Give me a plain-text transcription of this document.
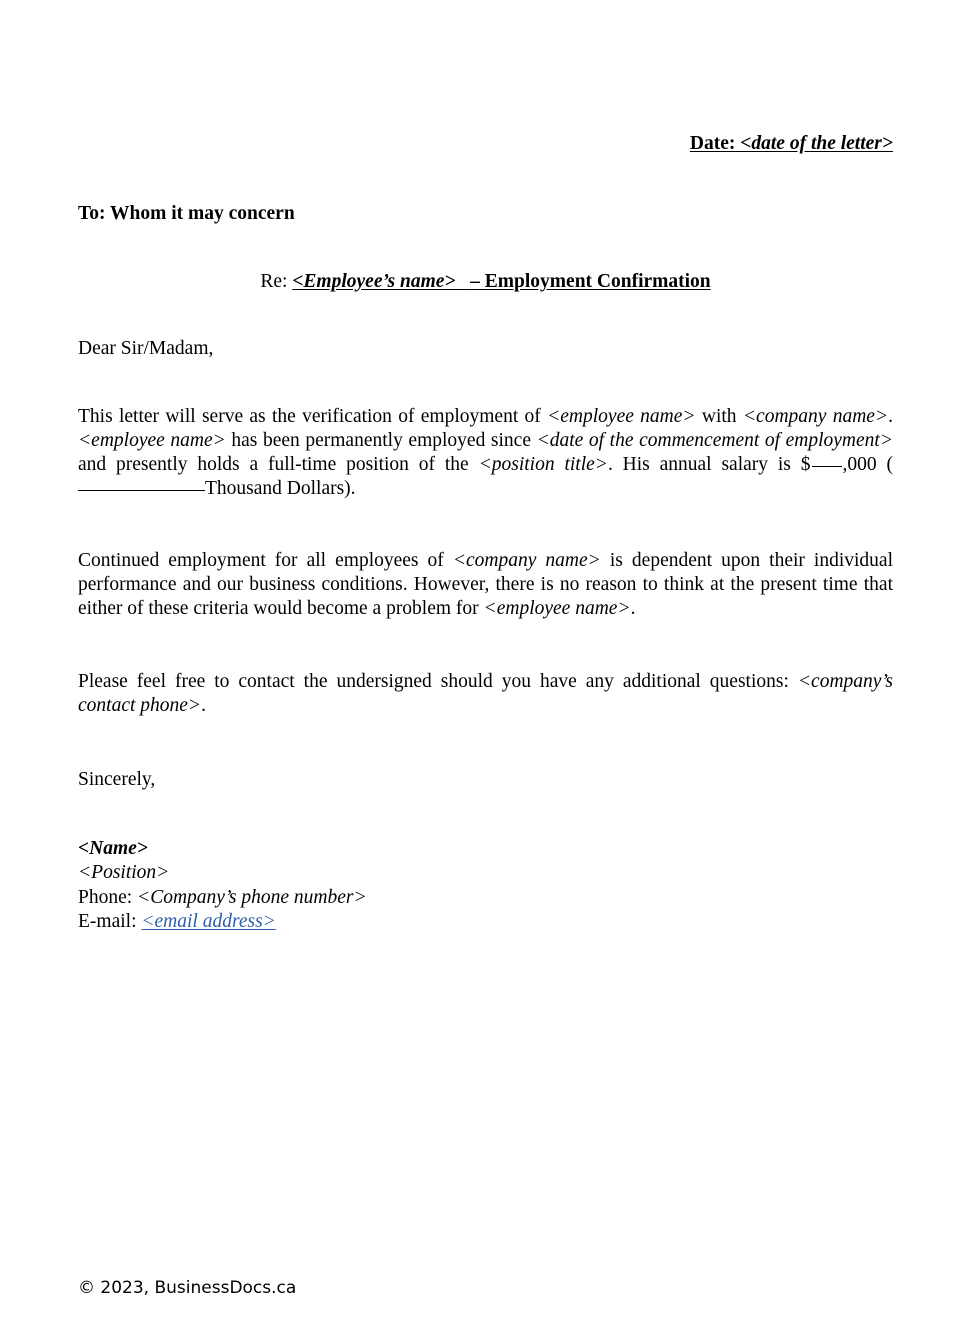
Date: <date of the letter>
To: Whom it may concern
Re: <Employee’s name> – Employment Confirmation
Dear Sir/Madam,
This letter will serve as the verification of employment of <employee name> with <company name>. <employee name> has been permanently employed since <date of the commencement of employment> and presently holds a full-time position of the <position title>. His annual salary is $ ,000 (Thousand Dollars).
Continued employment for all employees of <company name> is dependent upon their individual performance and our business conditions. However, there is no reason to think at the present time that either of these criteria would become a problem for <employee name>.
Please feel free to contact the undersigned should you have any additional questions: <company’s contact phone>.
Sincerely,
<Name>
<Position>
Phone: <Company’s phone number>
E-mail: <email address>
© 2023, BusinessDocs.ca
